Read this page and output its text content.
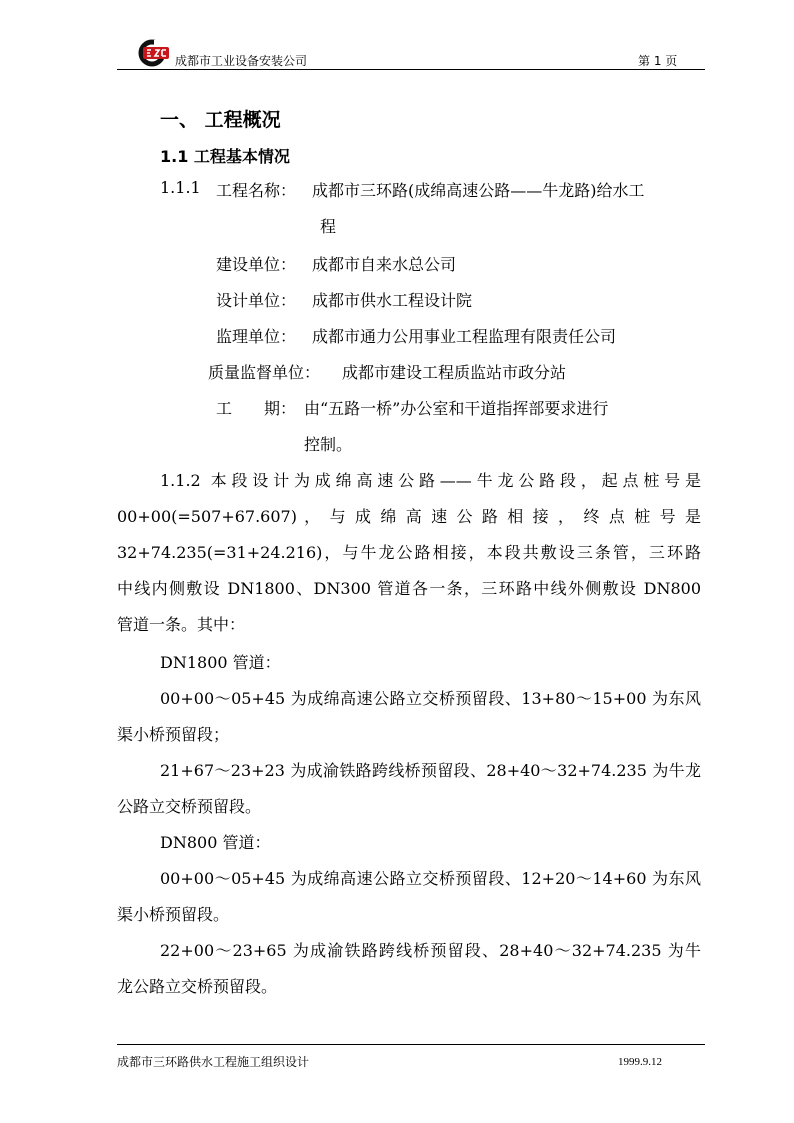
成都市工业设备安装公司	第 1 页
一、 工程概况
1.1 工程基本情况
1.1.1 工程名称： 成都市三环路(成绵高速公路——牛龙路)给水工
程
建设单位： 成都市自来水总公司
设计单位： 成都市供水工程设计院
监理单位： 成都市通力公用事业工程监理有限责任公司
质量监督单位： 成都市建设工程质监站市政分站
工 期： 由“五路一桥”办公室和干道指挥部要求进行
控制。
1.1.2 本段设计为成绵高速公路——牛龙公路段，起点桩号是
00+00(=507+67.607) ， 与 成 绵 高 速 公 路 相 接 ， 终 点 桩 号 是
32+74.235(=31+24.216)，与牛龙公路相接，本段共敷设三条管，三环路
中线内侧敷设 DN1800、DN300 管道各一条，三环路中线外侧敷设 DN800
管道一条。其中：
DN1800 管道：
00+00～05+45 为成绵高速公路立交桥预留段、13+80～15+00 为东风
渠小桥预留段；
21+67～23+23 为成渝铁路跨线桥预留段、28+40～32+74.235 为牛龙
公路立交桥预留段。
DN800 管道：
00+00～05+45 为成绵高速公路立交桥预留段、12+20～14+60 为东风
渠小桥预留段。
22+00～23+65 为成渝铁路跨线桥预留段、28+40～32+74.235 为牛
龙公路立交桥预留段。
成都市三环路供水工程施工组织设计	1999.9.12
